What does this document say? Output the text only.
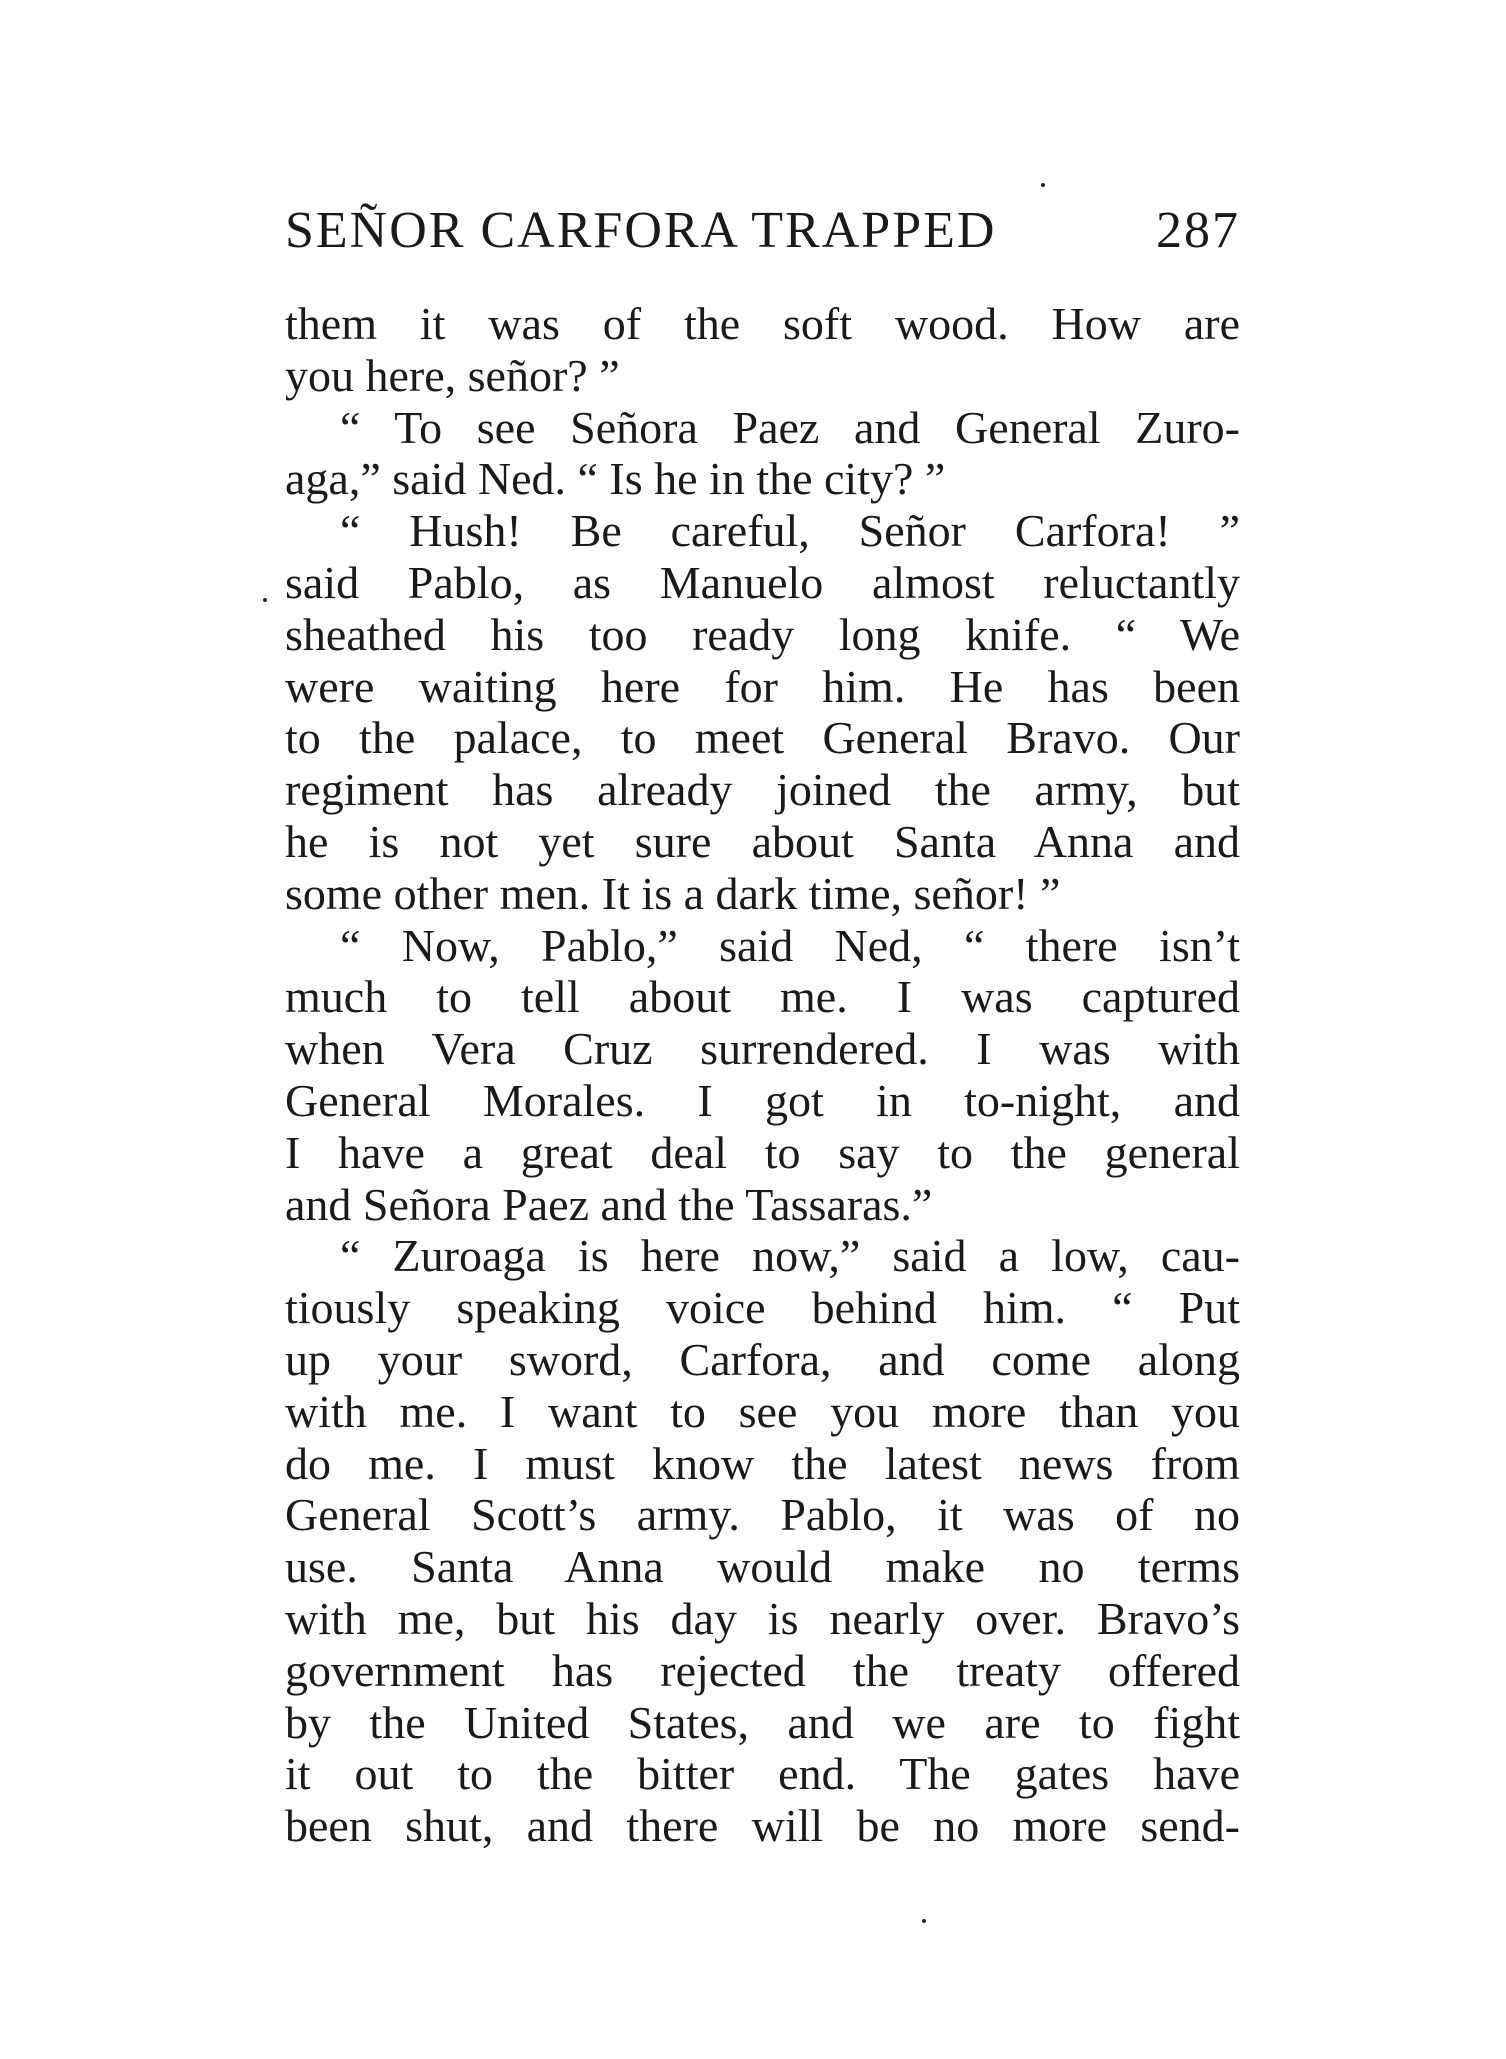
SEÑOR CARFORA TRAPPED	287
them it was of the soft wood. How are
you here, señor? ”
“ To see Señora Paez and General Zuro-
aga,” said Ned. “ Is he in the city? ”
“ Hush! Be careful, Señor Carfora! ”
said Pablo, as Manuelo almost reluctantly
sheathed his too ready long knife. “ We
were waiting here for him. He has been
to the palace, to meet General Bravo. Our
regiment has already joined the army, but
he is not yet sure about Santa Anna and
some other men. It is a dark time, señor! ”
“ Now, Pablo,” said Ned, “ there isn’t
much to tell about me. I was captured
when Vera Cruz surrendered. I was with
General Morales. I got in to-night, and
I have a great deal to say to the general
and Señora Paez and the Tassaras.”
“ Zuroaga is here now,” said a low, cau-
tiously speaking voice behind him. “ Put
up your sword, Carfora, and come along
with me. I want to see you more than you
do me. I must know the latest news from
General Scott’s army. Pablo, it was of no
use. Santa Anna would make no terms
with me, but his day is nearly over. Bravo’s
government has rejected the treaty offered
by the United States, and we are to fight
it out to the bitter end. The gates have
been shut, and there will be no more send-
